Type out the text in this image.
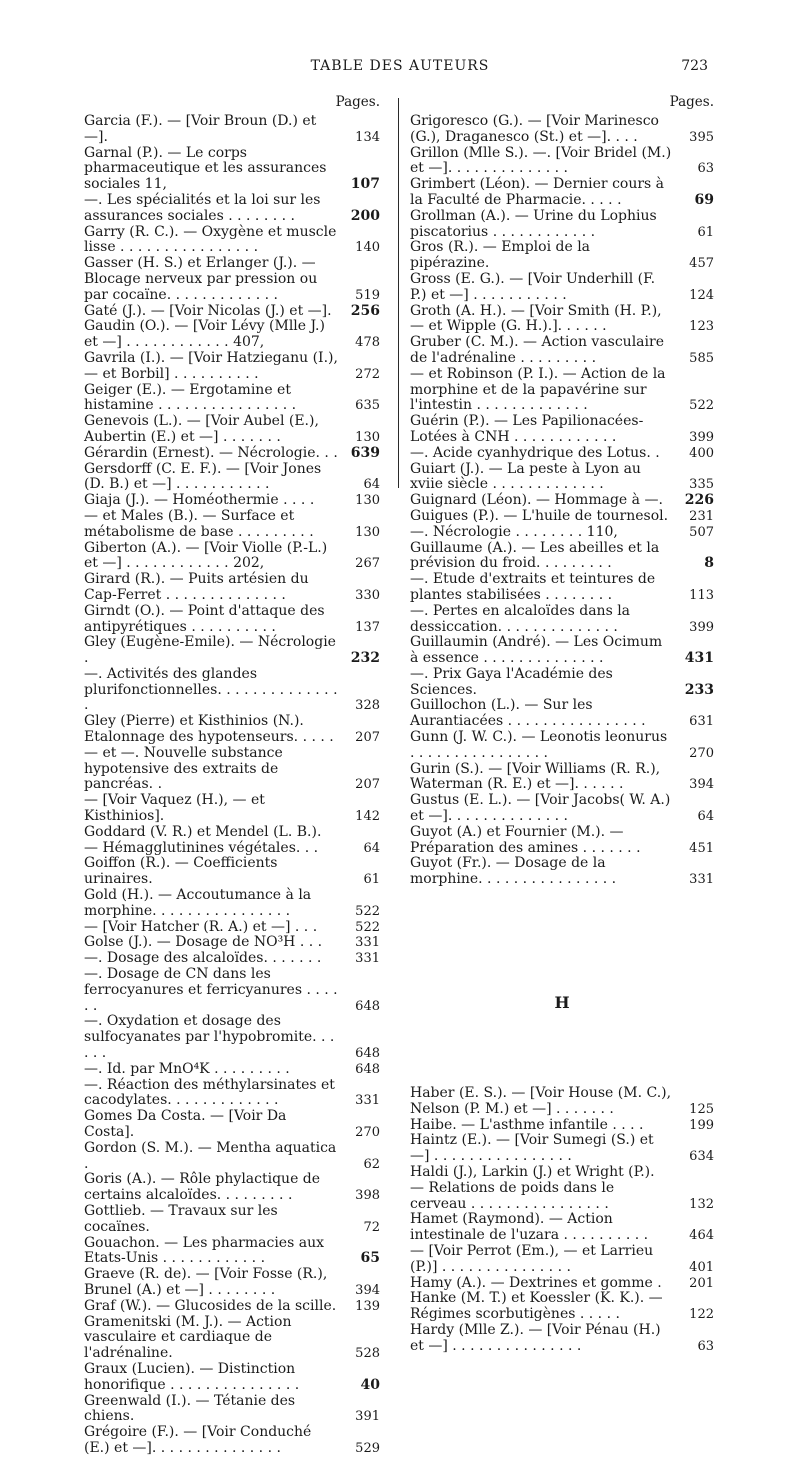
TABLE DES AUTEURS	723
Pages.
Garcia (F.). — [Voir Broun (D.) et—].	134
Garnal (P.). — Le corps pharmaceutique et les assurances sociales 11,	107
—. Les spécialités et la loi sur les assurances sociales . . . . . . . .	200
Garry (R. C.). — Oxygène et muscle lisse . . . . . . . . . . . . . . . .	140
Gasser (H. S.) et Erlanger (J.). — Blocage nerveux par pression ou par cocaïne. . . . . . . . . . . . .	519
Gaté (J.). — [Voir Nicolas (J.) et —].	256
Gaudin (O.). — [Voir Lévy (Mlle J.) et —] . . . . . . . . . . . . 407,	478
Gavrila (I.). — [Voir Hatzieganu (I.), — et Borbil] . . . . . . . . . .	272
Geiger (E.). — Ergotamine et histamine . . . . . . . . . . . . . . . .	635
Genevois (L.). — [Voir Aubel (E.), Aubertin (E.) et —] . . . . . . .	130
Gérardin (Ernest). — Nécrologie. . . 639
Gersdorff (C. E. F.). — [Voir Jones (D. B.) et —] . . . . . . . . . . .	64
Giaja (J.). — Homéothermie . . . .	130
— et Males (B.). — Surface et métabolisme de base . . . . . . . . .	130
Giberton (A.). — [Voir Violle (P.-L.) et —] . . . . . . . . . . . . 202,	267
Girard (R.). — Puits artésien du Cap-Ferret . . . . . . . . . . . . . .	330
Girndt (O.). — Point d'attaque des antipyrétiques . . . . . . . . . .	137
Gley (Eugène-Emile). — Nécrologie .	232
—. Activités des glandes plurifonctionnelles. . . . . . . . . . . . . . .	328
Gley (Pierre) et Kisthinios (N.). Etalonnage des hypotenseurs. . . . .	207
— et —. Nouvelle substance hypotensive des extraits de pancréas. .	207
— [Voir Vaquez (H.), — et Kisthinios].	142
Goddard (V. R.) et Mendel (L. B.). — Hémagglutinines végétales. . .	64
Goiffon (R.). — Coefficients urinaires.	61
Gold (H.). — Accoutumance à la morphine. . . . . . . . . . . . . . . .	522
— [Voir Hatcher (R. A.) et —] . . .	522
Golse (J.). — Dosage de NO³H . . .	331
—. Dosage des alcaloïdes. . . . . . .	331
—. Dosage de CN dans les ferrocyanures et ferricyanures . . . . . .	648
—. Oxydation et dosage des sulfocyanates par l'hypobromite. . . . . .	648
—. Id. par MnO⁴K . . . . . . . . .	648
—. Réaction des méthylarsinates et cacodylates. . . . . . . . . . . . .	331
Gomes Da Costa. — [Voir Da Costa].	270
Gordon (S. M.). — Mentha aquatica .	62
Goris (A.). — Rôle phylactique de certains alcaloïdes. . . . . . . . .	398
Gottlieb. — Travaux sur les cocaïnes.	72
Gouachon. — Les pharmacies aux Etats-Unis . . . . . . . . . . . .	65
Graeve (R. de). — [Voir Fosse (R.), Brunel (A.) et —] . . . . . . . .	394
Graf (W.). — Glucosides de la scille.	139
Gramenitski (M. J.). — Action vasculaire et cardiaque de l'adrénaline.	528
Graux (Lucien). — Distinction honorifique . . . . . . . . . . . . . . .	40
Greenwald (I.). — Tétanie des chiens.	391
Grégoire (F.). — [Voir Conduché (E.) et —]. . . . . . . . . . . . . . .	529
Pages.
Grigoresco (G.). — [Voir Marinesco (G.), Draganesco (St.) et —]. . . .	395
Grillon (Mlle S.). —. [Voir Bridel (M.) et —]. . . . . . . . . . . . . .	63
Grimbert (Léon). — Dernier cours à la Faculté de Pharmacie. . . . .	69
Grollman (A.). — Urine du Lophius piscatorius . . . . . . . . . . . .	61
Gros (R.). — Emploi de la pipérazine.	457
Gross (E. G.). — [Voir Underhill (F. P.) et —] . . . . . . . . . . .	124
Groth (A. H.). — [Voir Smith (H. P.), — et Wipple (G. H.).]. . . . . .	123
Gruber (C. M.). — Action vasculaire de l'adrénaline . . . . . . . . .	585
— et Robinson (P. I.). — Action de la morphine et de la papavérine sur l'intestin . . . . . . . . . . . . .	522
Guérin (P.). — Les Papilionacées-Lotées à CNH . . . . . . . . . . . .	399
—. Acide cyanhydrique des Lotus. .	400
Guiart (J.). — La peste à Lyon au xviie siècle . . . . . . . . . . . . .	335
Guignard (Léon). — Hommage à —.	226
Guigues (P.). — L'huile de tournesol.	231
—. Nécrologie . . . . . . . . 110,	507
Guillaume (A.). — Les abeilles et la prévision du froid. . . . . . . . .	8
—. Etude d'extraits et teintures de plantes stabilisées . . . . . . . .	113
—. Pertes en alcaloïdes dans la dessiccation. . . . . . . . . . . . . .	399
Guillaumin (André). — Les Ocimum à essence . . . . . . . . . . . . . .	431
—. Prix Gaya l'Académie des Sciences.	233
Guillochon (L.). — Sur les Aurantiacées . . . . . . . . . . . . . . . .	631
Gunn (J. W. C.). — Leonotis leonurus . . . . . . . . . . . . . . . .	270
Gurin (S.). — [Voir Williams (R. R.), Waterman (R. E.) et —]. . . . . .	394
Gustus (E. L.). — [Voir Jacobs( W. A.) et —]. . . . . . . . . . . . . .	64
Guyot (A.) et Fournier (M.). — Préparation des amines . . . . . . .	451
Guyot (Fr.). — Dosage de la morphine. . . . . . . . . . . . . . . .	331
H
Haber (E. S.). — [Voir House (M. C.), Nelson (P. M.) et —] . . . . . . .	125
Haibe. — L'asthme infantile . . . .	199
Haintz (E.). — [Voir Sumegi (S.) et —] . . . . . . . . . . . . . . . .	634
Haldi (J.), Larkin (J.) et Wright (P.). — Relations de poids dans le cerveau . . . . . . . . . . . . . . . .	132
Hamet (Raymond). — Action intestinale de l'uzara . . . . . . . . . .	464
— [Voir Perrot (Em.), — et Larrieu (P.)] . . . . . . . . . . . . . . .	401
Hamy (A.). — Dextrines et gomme .	201
Hanke (M. T.) et Koessler (K. K.). — Régimes scorbutigènes . . . . .	122
Hardy (Mlle Z.). — [Voir Pénau (H.) et —] . . . . . . . . . . . . . . .	63
